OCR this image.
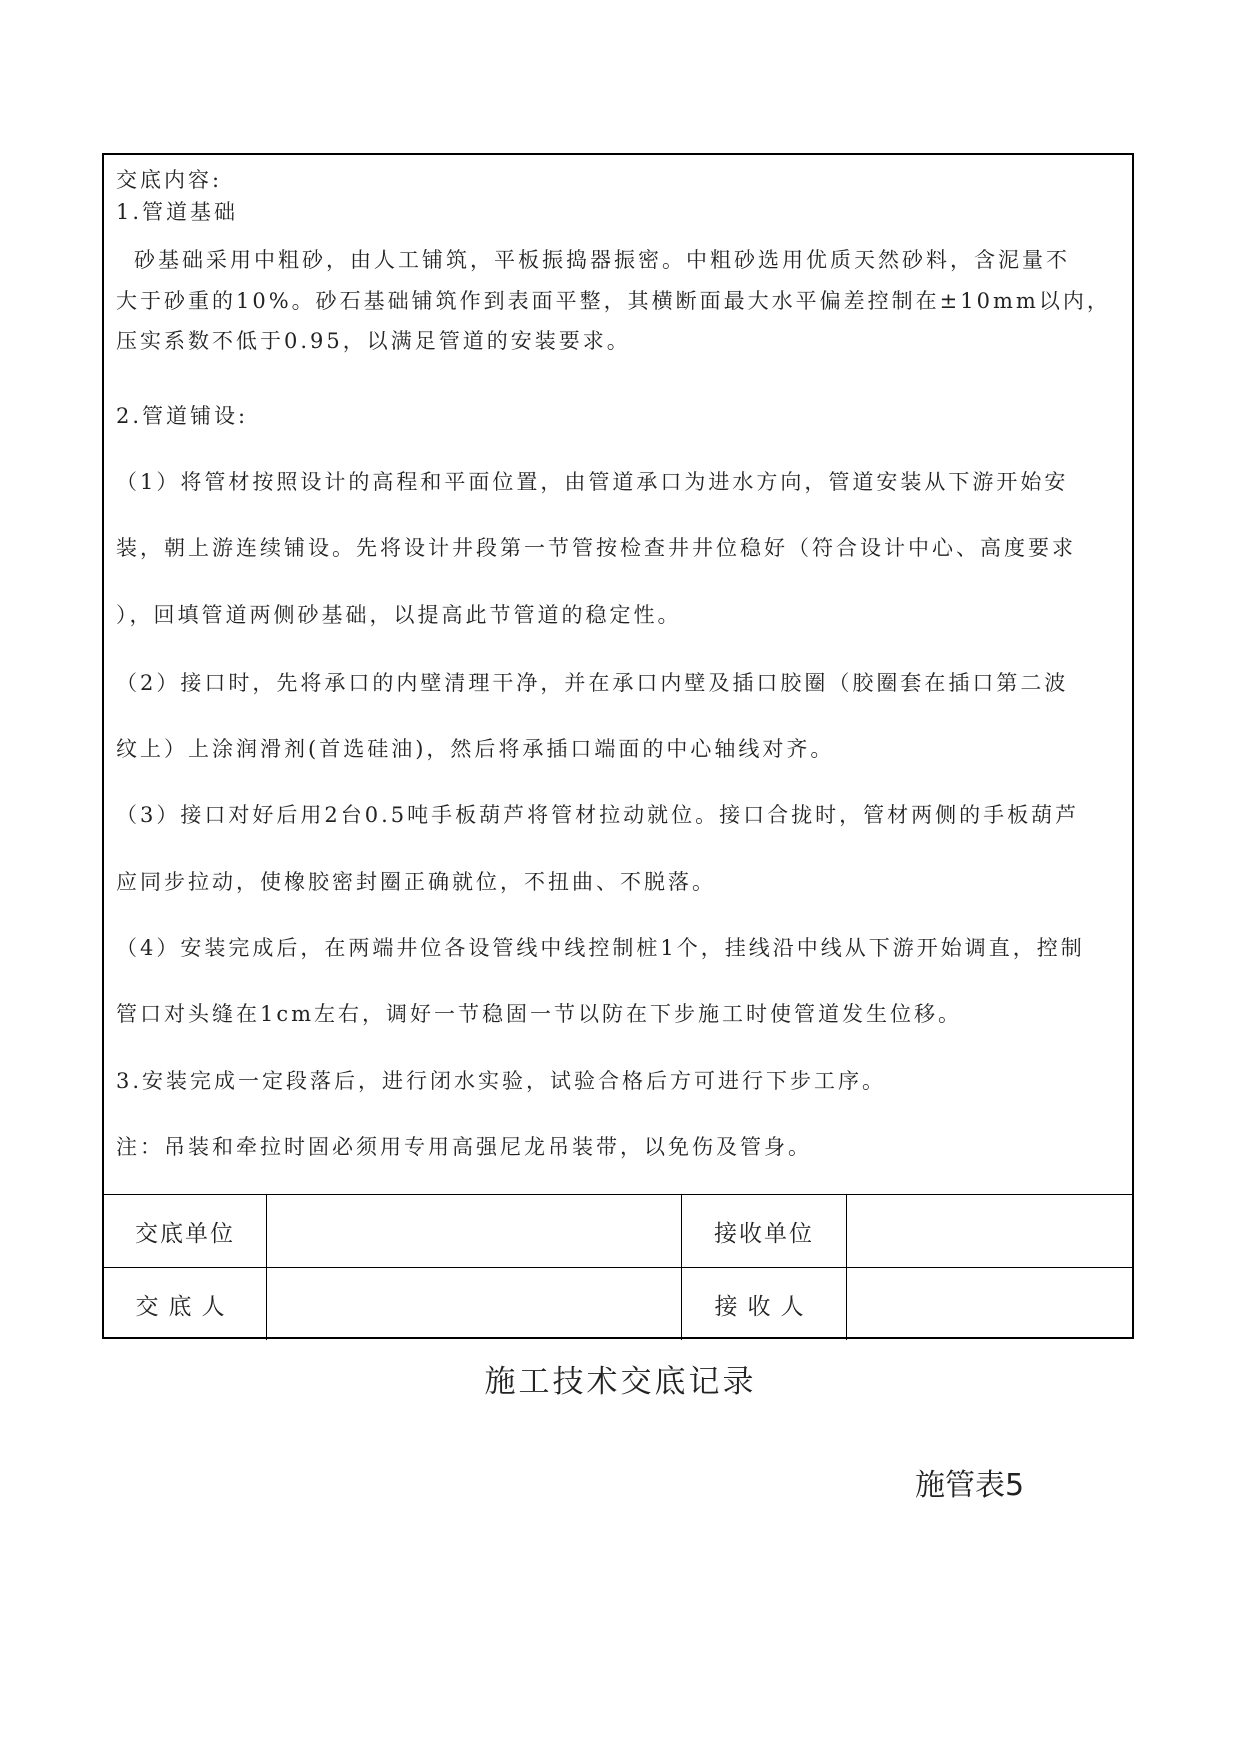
交底内容:
1.管道基础
砂基础采用中粗砂，由人工铺筑，平板振捣器振密。中粗砂选用优质天然砂料，含泥量不
大于砂重的10%。砂石基础铺筑作到表面平整，其横断面最大水平偏差控制在±10mm以内，
压实系数不低于0.95，以满足管道的安装要求。
2.管道铺设:
（1）将管材按照设计的高程和平面位置，由管道承口为进水方向，管道安装从下游开始安
装，朝上游连续铺设。先将设计井段第一节管按检查井井位稳好（符合设计中心、高度要求
），回填管道两侧砂基础，以提高此节管道的稳定性。
（2）接口时，先将承口的内壁清理干净，并在承口内壁及插口胶圈（胶圈套在插口第二波
纹上）上涂润滑剂(首选硅油)，然后将承插口端面的中心轴线对齐。
（3）接口对好后用2台0.5吨手板葫芦将管材拉动就位。接口合拢时，管材两侧的手板葫芦
应同步拉动，使橡胶密封圈正确就位，不扭曲、不脱落。
（4）安装完成后，在两端井位各设管线中线控制桩1个，挂线沿中线从下游开始调直，控制
管口对头缝在1cm左右，调好一节稳固一节以防在下步施工时使管道发生位移。
3.安装完成一定段落后，进行闭水实验，试验合格后方可进行下步工序。
注：吊装和牵拉时固必须用专用高强尼龙吊装带，以免伤及管身。
交底单位	接收单位
交底人	接收人
施工技术交底记录
施管表5
